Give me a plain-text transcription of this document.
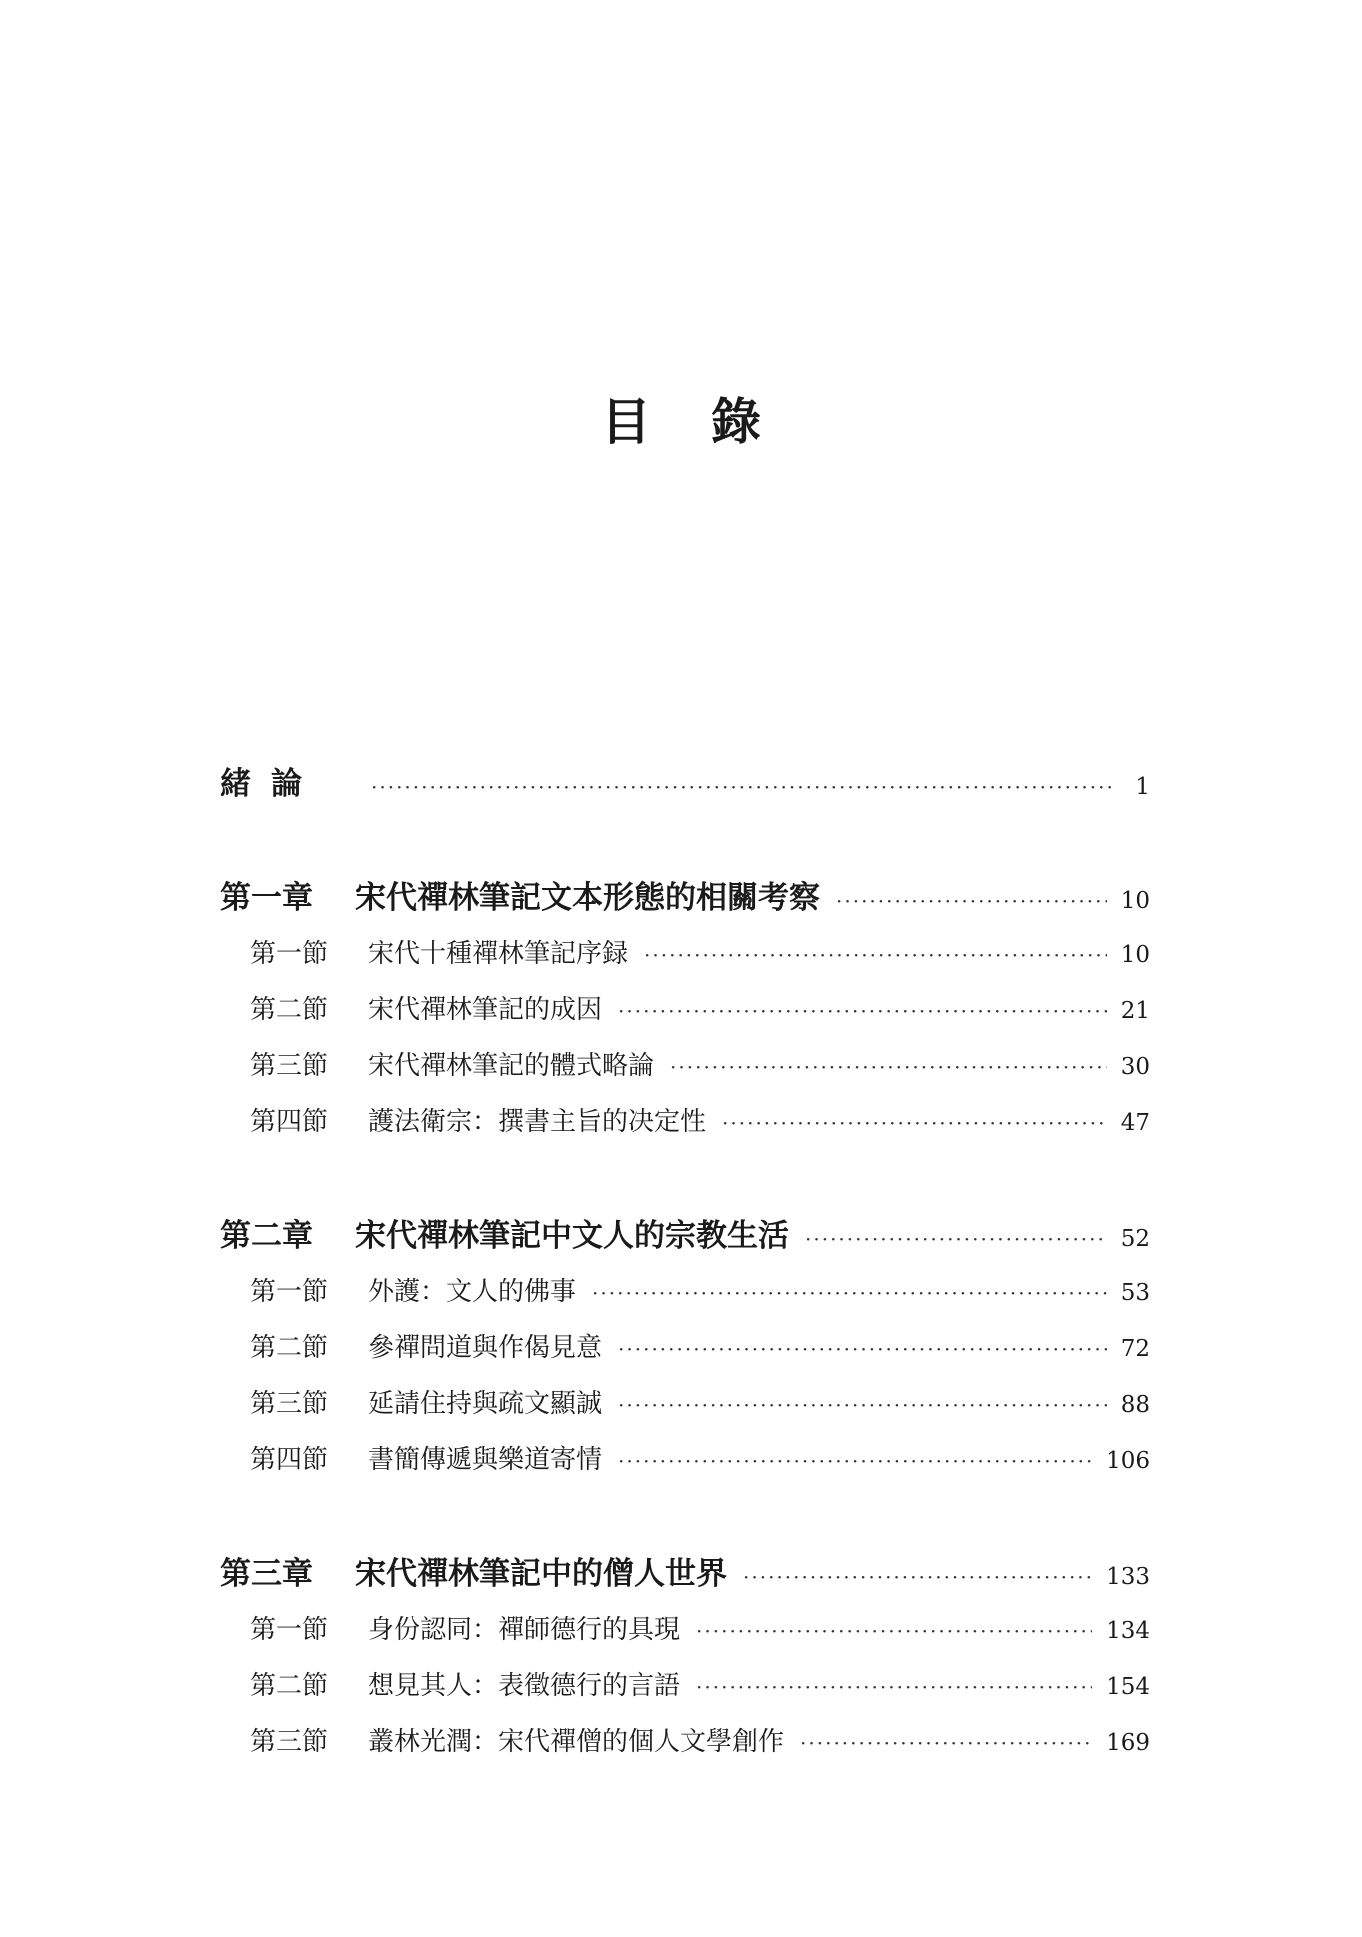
目錄
緒論 ·····	1
第一章	宋代禪林筆記文本形態的相關考察 ·····	10
第一節	宋代十種禪林筆記序録 ·····	10
第二節	宋代禪林筆記的成因 ·····	21
第三節	宋代禪林筆記的體式略論 ·····	30
第四節	護法衛宗：撰書主旨的决定性 ·····	47
第二章	宋代禪林筆記中文人的宗教生活 ·····	52
第一節	外護：文人的佛事 ·····	53
第二節	參禪問道與作偈見意 ·····	72
第三節	延請住持與疏文顯誠 ·····	88
第四節	書簡傳遞與樂道寄情 ·····	106
第三章	宋代禪林筆記中的僧人世界 ·····	133
第一節	身份認同：禪師德行的具現 ·····	134
第二節	想見其人：表徵德行的言語 ·····	154
第三節	叢林光潤：宋代禪僧的個人文學創作 ·····	169
